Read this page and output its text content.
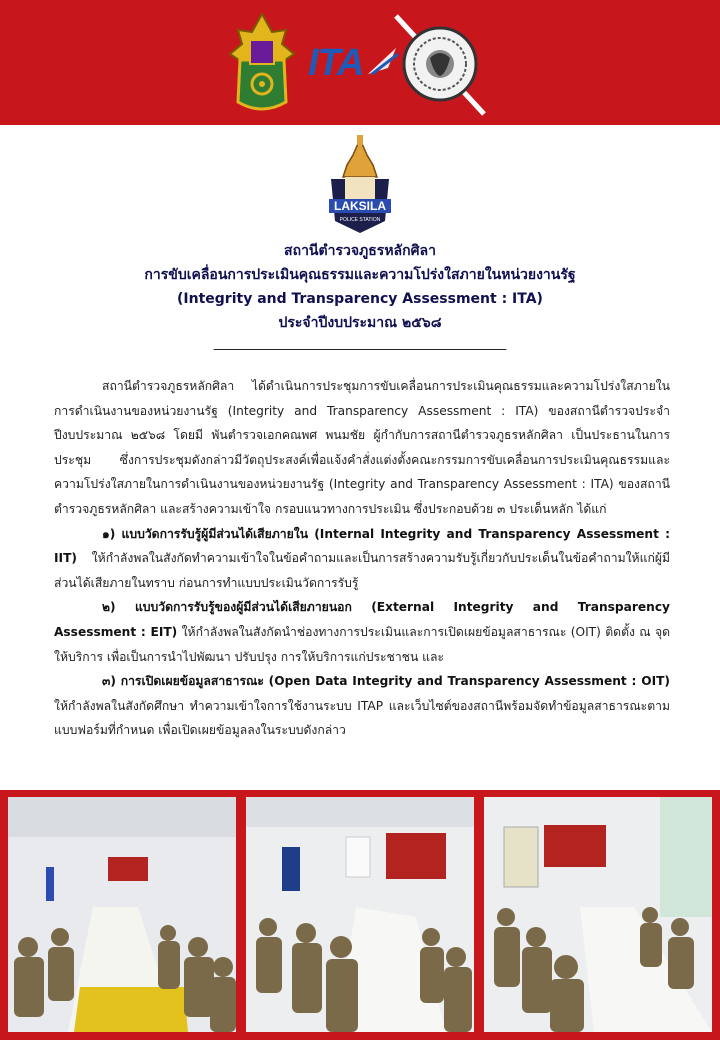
ITA
LAKSILA
POLICE STATION
สถานีตำรวจภูธรหลักศิลา
การขับเคลื่อนการประเมินคุณธรรมและความโปร่งใสภายในหน่วยงานรัฐ
(Integrity and Transparency Assessment : ITA)
ประจำปีงบประมาณ ๒๕๖๘
_____________________________________________

สถานีตำรวจภูธรหลักศิลา ได้ดำเนินการประชุมการขับเคลื่อนการประเมินคุณธรรมและความโปร่งใสภายในการดำเนินงานของหน่วยงานรัฐ (Integrity and Transparency Assessment : ITA) ของสถานีตำรวจประจำปีงบประมาณ ๒๕๖๘ โดยมี พันตำรวจเอกคณพศ พนมชัย ผู้กำกับการสถานีตำรวจภูธรหลักศิลา เป็นประธานในการประชุม ซึ่งการประชุมดังกล่าวมีวัตถุประสงค์เพื่อแจ้งคำสั่งแต่งตั้งคณะกรรมการขับเคลื่อนการประเมินคุณธรรมและความโปร่งใสภายในการดำเนินงานของหน่วยงานรัฐ (Integrity and Transparency Assessment : ITA) ของสถานีตำรวจภูธรหลักศิลา และสร้างความเข้าใจ กรอบแนวทางการประเมิน ซึ่งประกอบด้วย ๓ ประเด็นหลัก ได้แก่

๑) แบบวัดการรับรู้ผู้มีส่วนได้เสียภายใน (Internal Integrity and Transparency Assessment : IIT) ให้กำลังพลในสังกัดทำความเข้าใจในข้อคำถามและเป็นการสร้างความรับรู้เกี่ยวกับประเด็นในข้อคำถามให้แก่ผู้มีส่วนได้เสียภายในทราบ ก่อนการทำแบบประเมินวัดการรับรู้

๒) แบบวัดการรับรู้ของผู้มีส่วนได้เสียภายนอก (External Integrity and Transparency Assessment : EIT) ให้กำลังพลในสังกัดนำช่องทางการประเมินและการเปิดเผยข้อมูลสาธารณะ (OIT) ติดตั้ง ณ จุดให้บริการ เพื่อเป็นการนำไปพัฒนา ปรับปรุง การให้บริการแก่ประชาชน และ

๓) การเปิดเผยข้อมูลสาธารณะ (Open Data Integrity and Transparency Assessment : OIT) ให้กำลังพลในสังกัดศึกษา ทำความเข้าใจการใช้งานระบบ ITAP และเว็บไซต์ของสถานีพร้อมจัดทำข้อมูลสาธารณะตามแบบฟอร์มที่กำหนด เพื่อเปิดเผยข้อมูลลงในระบบดังกล่าว
